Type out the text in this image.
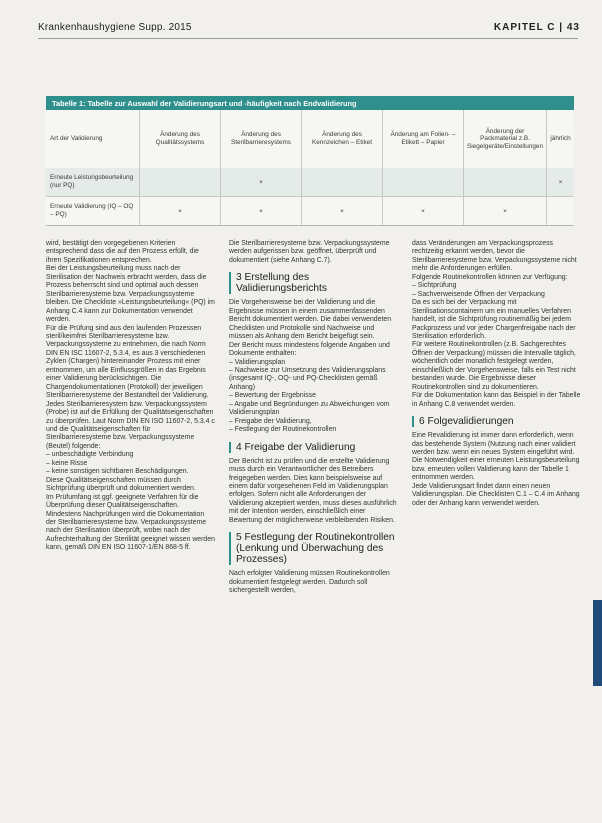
Krankenhaushygiene Supp. 2015	KAPITEL C | 43
Tabelle 1: Tabelle zur Auswahl der Validierungsart und -häufigkeit nach Endvalidierung						
Art der Validierung	Änderung des Qualitätssystems	Änderung des Sterilbarrieresystems	Änderung des Kennzeichen – Etiket	Änderung am Folien- – Etikett – Papier	Änderung der Packmaterial z.B. Siegelgeräte/Einstellungen	jährlich
Erneute Leistungsbeurteilung (nur PQ)		×				×
Erneute Validierung (IQ – OQ – PQ)	×	×	×	×	×	

wird, bestätigt den vorgegebenen Kriterien entsprechend dass die auf den Prozess erfüllt, die ihren Spezifikationen entsprechen.

Bei der Leistungsbeurteilung muss nach der Sterilisation der Nachweis erbracht werden, dass die Prozess beherrscht sind und optimal auch dessen Sterilbarrieresysteme bzw. Verpackungssysteme bleiben. Die Checkliste »Leistungsbeurteilung« (PQ) im Anhang C.4 kann zur Dokumentation verwendet werden.

Für die Prüfung sind aus den laufenden Prozessen steril/keimfrei Sterilbarrieresysteme bzw. Verpackungssysteme zu entnehmen, die nach Norm DIN EN ISC 11607-2, 5.3.4, es aus 3 verschiedenen Zyklen (Chargen) hintereinander Prozess mit einer entnommen, um alle Einflussgrößen in das Ergebnis einer Validierung berücksichtigen. Die Chargendokumentationen (Protokoll) der jeweiligen Sterilbarrieresysteme der Bestandteil der Validierung.

Jedes Sterilbarrieresystem bzw. Verpackungssystem (Probe) ist auf die Erfüllung der Qualitätseigenschaften zu überprüfen. Laut Norm DIN EN ISO 11607-2, 5.3.4 c und die Qualitätseigenschaften für Sterilbarrieresysteme bzw. Verpackungssysteme (Beutel) folgende:

– unbeschädigte Verbindung

– keine Risse

– keine sonstigen sichtbaren Beschädigungen.

Diese Qualitätseigenschaften müssen durch Sichtprüfung überprüft und dokumentiert werden.

Im Prüfumfang ist ggf. geeignete Verfahren für die Überprüfung dieser Qualitätseigenschaften. Mindestens Nachprüfungen wird die Dokumentation der Sterilbarrieresysteme bzw. Verpackungssysteme nach der Sterilisation überprüft, wobei nach der Aufrechterhaltung der Sterilität geeignet wissen werden kann, gemäß DIN EN ISO 11607-1/EN 868-5 ff.

Die Sterilbarrieresysteme bzw. Verpackungssysteme werden aufgerissen bzw. geöffnet, überprüft und dokumentiert (siehe Anhang C.7).

3 Erstellung des Validierungsberichts

Die Vorgehensweise bei der Validierung und die Ergebnisse müssen in einem zusammenfassenden Bericht dokumentiert werden. Die dabei verwendeten Checklisten und Protokolle sind Nachweise und müssen als Anhang dem Bericht beigefügt sein.

Der Bericht muss mindestens folgende Angaben und Dokumente enthalten:

– Validierungsplan

– Nachweise zur Umsetzung des Validierungsplans (insgesamt IQ-, OQ- und PQ-Checklisten gemäß Anhang)

– Bewertung der Ergebnisse

– Angabe und Begründungen zu Abweichungen vom Validierungsplan

– Freigabe der Validierung,

– Festlegung der Routinekontrollen

4 Freigabe der Validierung

Der Bericht ist zu prüfen und die erstellte Validierung muss durch ein Verantwortlicher des Betreibers freigegeben werden. Dies kann beispielsweise auf einem dafür vorgesehenen Feld im Validierungsplan erfolgen. Sofern nicht alle Anforderungen der Validierung akzeptiert werden, muss dieses ausführlich mit der Intention werden, einschließlich einer Bewertung der möglicherweise verbleibenden Risiken.

5 Festlegung der Routinekontrollen (Lenkung und Überwachung des Prozesses)

Nach erfolgter Validierung müssen Routinekontrollen dokumentiert festgelegt werden. Dadurch soll sichergestellt werden,

dass Veränderungen am Verpackungsprozess rechtzeitig erkannt werden, bevor die Sterilbarrieresysteme bzw. Verpackungssysteme nicht mehr die Anforderungen erfüllen.

Folgende Routinekontrollen können zur Verfügung:

– Sichtprüfung

– Sachverweisende Öffnen der Verpackung

Da es sich bei der Verpackung mit Sterilisationscontainern um ein manuelles Verfahren handelt, ist die Sichtprüfung routinemäßig bei jedem Packprozess und vor jeder Chargenfreigabe nach der Sterilisation erforderlich.

Für weitere Routinekontrollen (z.B. Sachgerechtes Öffnen der Verpackung) müssen die Intervalle täglich, wöchentlich oder monatlich festgelegt werden, einschließlich der Vorgehensweise, falls ein Test nicht bestanden wurde. Die Ergebnisse dieser Routinekontrollen sind zu dokumentieren.

Für die Dokumentation kann das Beispiel in der Tabelle in Anhang C.8 verwendet werden.

6 Folgevalidierungen

Eine Revalidierung ist immer dann erforderlich, wenn das bestehende System (Nutzung nach einer validiert werden bzw. wenn ein neues System eingeführt wird.

Die Notwendigkeit einer erneuten Leistungsbeurteilung bzw. erneuten vollen Validierung kann der Tabelle 1 entnommen werden.

Jede Validierungsart findet dann einen neuen Validierungsplan. Die Checklisten C.1 – C.4 im Anhang oder der Anhang kann verwendet werden.
